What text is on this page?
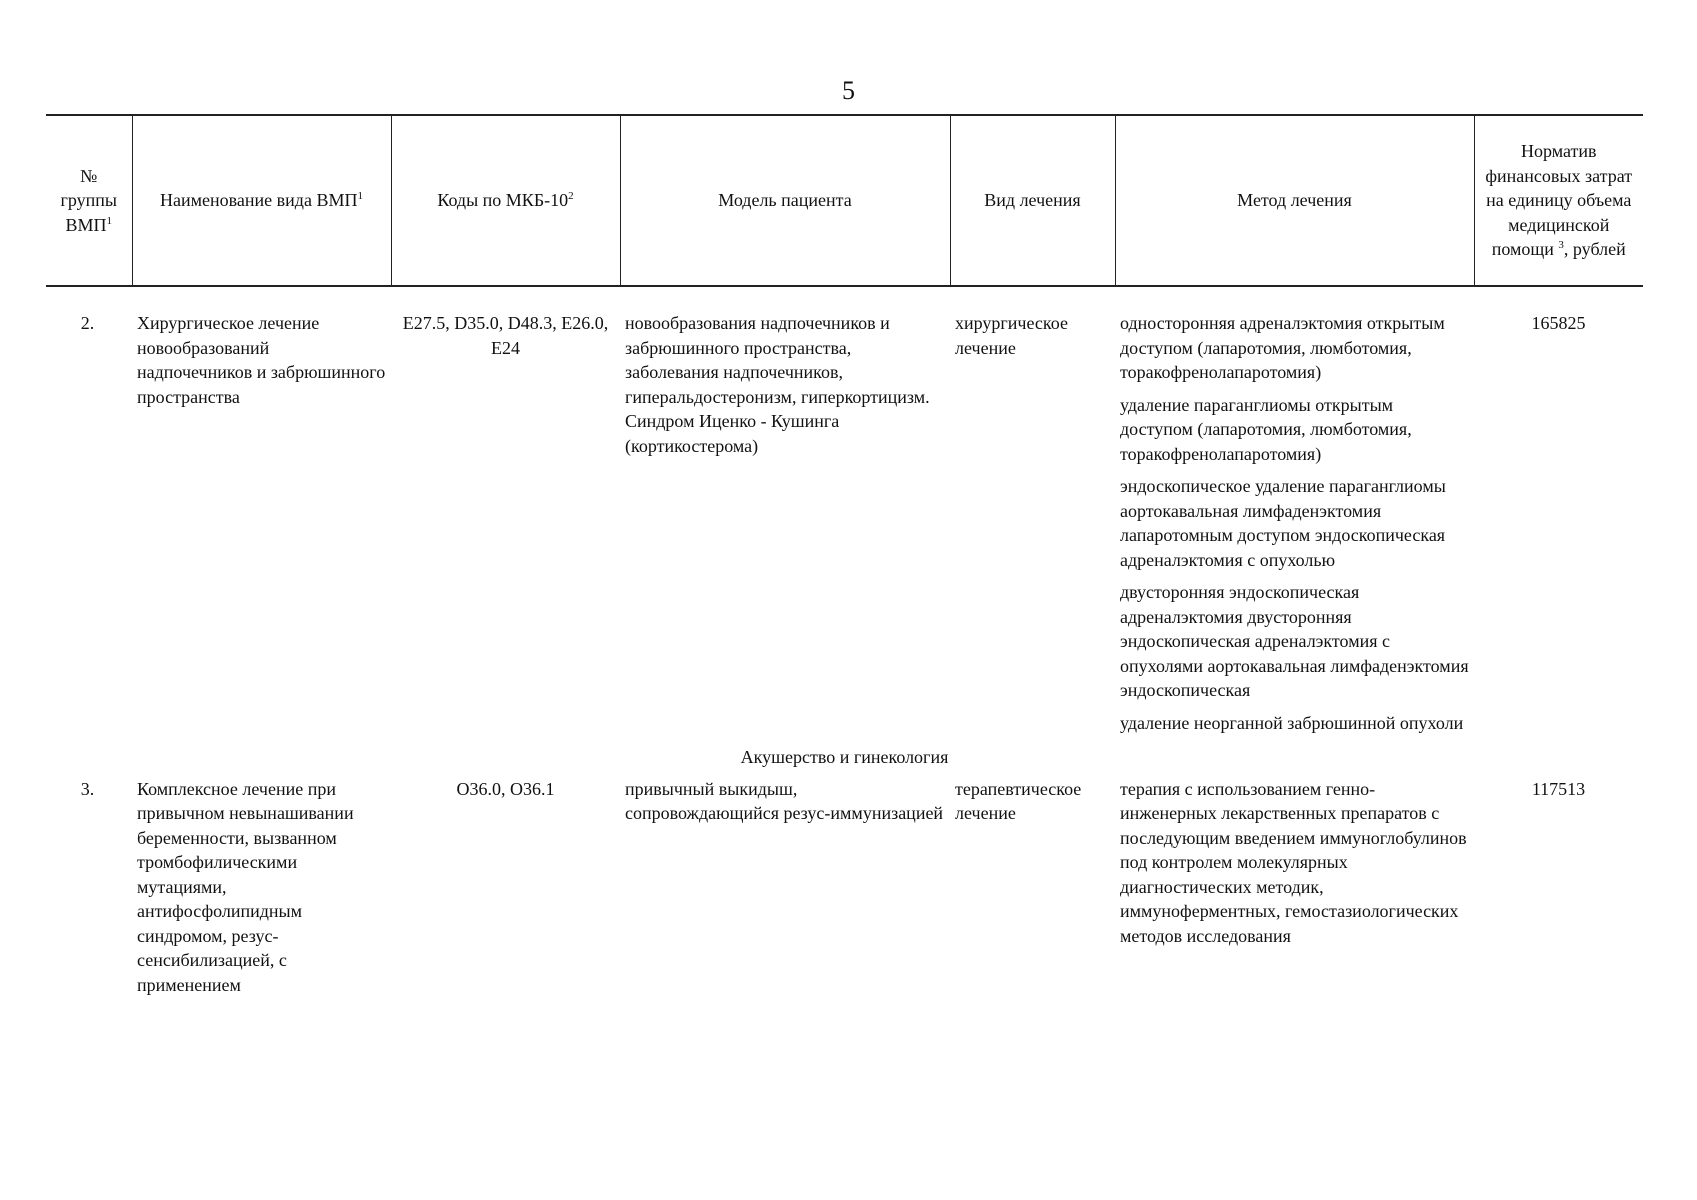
5
№ группы ВМП$^1$	Наименование вида ВМП$^1$	Коды по МКБ-$10^2$	Модель пациента	Вид лечения	Метод лечения	Норматив финансовых затрат на единицу объема медицинской помощи $^3$, рублей

2.	Хирургическое лечение новообразований надпочечников и забрюшинного пространства	E27.5, D35.0, D48.3, E26.0, E24	новообразования надпочечников и забрюшинного пространства, заболевания надпочечников, гиперальдостеронизм, гиперкортицизм. Синдром Иценко - Кушинга (кортикостерома)	хирургическое лечение	односторонняя адреналэктомия открытым доступом (лапаротомия, люмботомия, торакофренолапаротомия)
удаление параганглиомы открытым доступом (лапаротомия, люмботомия, торакофренолапаротомия)
эндоскопическое удаление параганглиомы аортокавальная лимфаденэктомия лапаротомным доступом эндоскопическая адреналэктомия с опухолью
двусторонняя эндоскопическая адреналэктомия двусторонняя эндоскопическая адреналэктомия с опухолями аортокавальная лимфаденэктомия эндоскопическая
удаление неорганной забрюшинной опухоли	165825
Акушерство и гинекология						
3.	Комплексное лечение при привычном невынашивании беременности, вызванном тромбофилическими мутациями, антифосфолипидным синдромом, резус-сенсибилизацией, с применением	O36.0, O36.1	привычный выкидыш, сопровождающийся резус-иммунизацией	терапевтическое лечение	терапия с использованием генно-инженерных лекарственных препаратов с последующим введением иммуноглобулинов под контролем молекулярных диагностических методик, иммуноферментных, гемостазиологических методов исследования	117513
